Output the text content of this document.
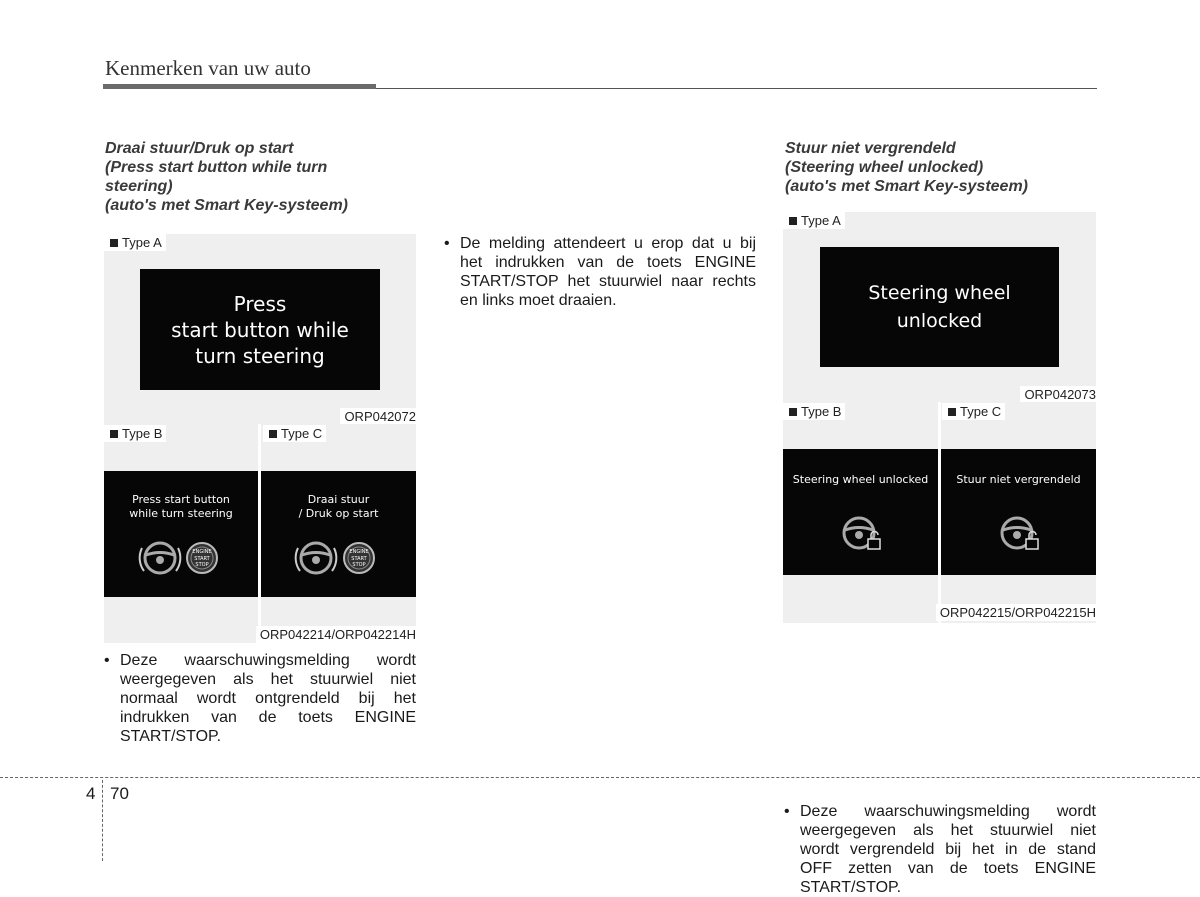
Kenmerken van uw auto
Draai stuur/Druk op start
(Press start button while turn
steering)
(auto's met Smart Key-systeem)
Type A
Press
start button while
turn steering
ORP042072
Type B	Type C
Press start button
while turn steering
ENGINE
START
STOP
Draai stuur
/ Druk op start
ENGINE
START
STOP
ORP042214/ORP042214H
• Deze waarschuwingsmelding wordt
weergegeven als het stuurwiel niet
normaal wordt ontgrendeld bij het
indrukken van de toets ENGINE
START/STOP.
• De melding attendeert u erop dat u bij
het indrukken van de toets ENGINE
START/STOP het stuurwiel naar rechts
en links moet draaien.
Stuur niet vergrendeld
(Steering wheel unlocked)
(auto's met Smart Key-systeem)
Type A
Steering wheel
unlocked
ORP042073
Type B	Type C
Steering wheel unlocked	Stuur niet vergrendeld
ORP042215/ORP042215H
• Deze waarschuwingsmelding wordt
weergegeven als het stuurwiel niet
wordt vergrendeld bij het in de stand
OFF zetten van de toets ENGINE
START/STOP.
4 70
